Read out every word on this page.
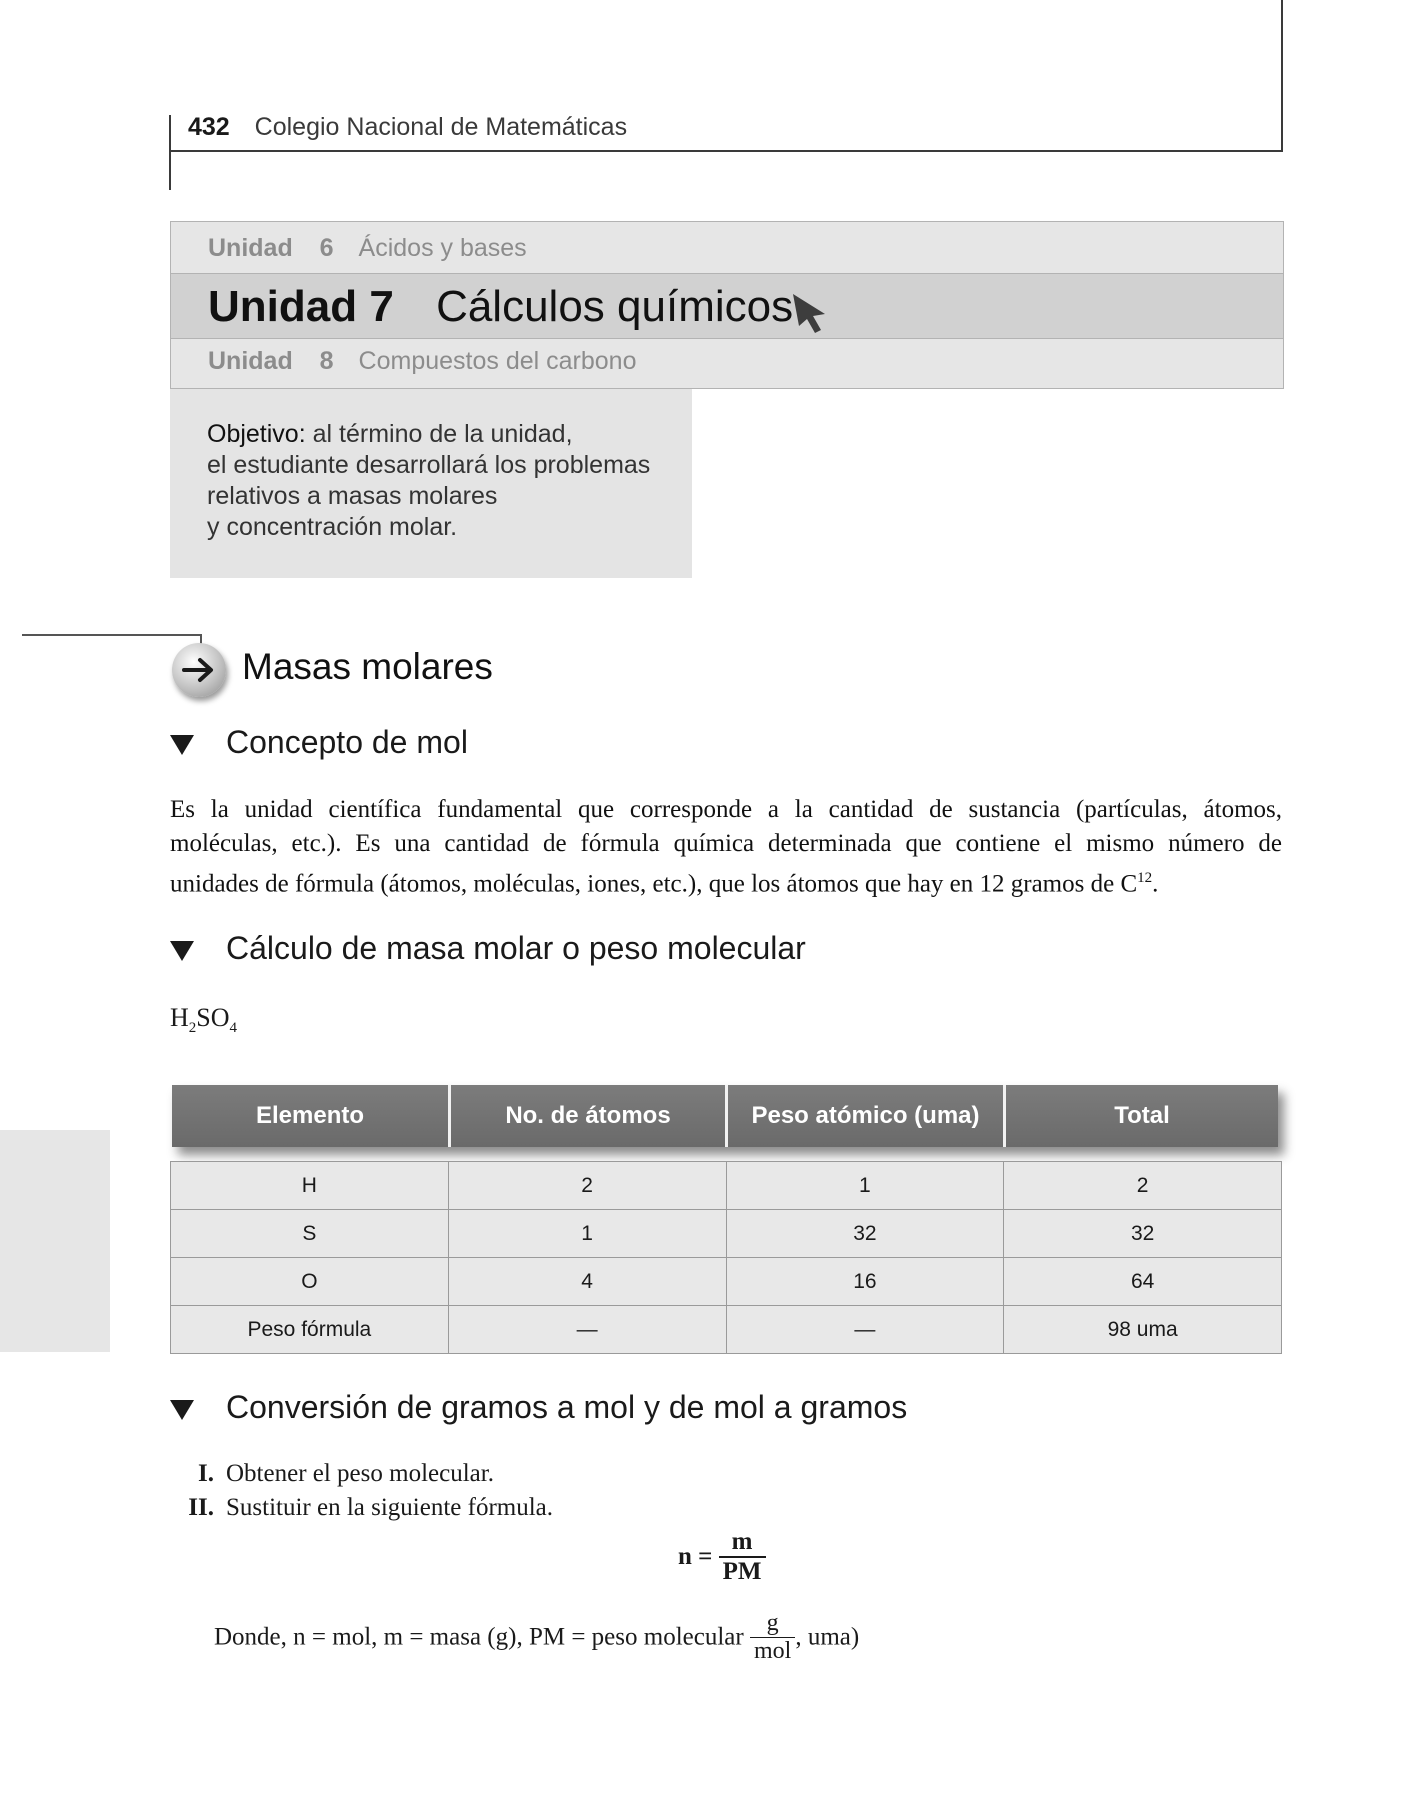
432 Colegio Nacional de Matemáticas
Unidad 6 Ácidos y bases
Unidad 7 Cálculos químicos
Unidad 8 Compuestos del carbono
Objetivo: al término de la unidad,
el estudiante desarrollará los problemas
relativos a masas molares
y concentración molar.
Masas molares
Concepto de mol
Es la unidad científica fundamental que corresponde a la cantidad de sustancia (partículas, átomos,
moléculas, etc.). Es una cantidad de fórmula química determinada que contiene el mismo número de
unidades de fórmula (átomos, moléculas, iones, etc.), que los átomos que hay en 12 gramos de $C^{12}$.
Cálculo de masa molar o peso molecular
$H_2SO_4$
Elemento	No. de átomos	Peso atómico (uma)	Total
H	2	1	2
S	1	32	32
O	4	16	64
Peso fórmula	—	—	98 uma
Conversión de gramos a mol y de mol a gramos
I. Obtener el peso molecular.
II. Sustituir en la siguiente fórmula.
$n = \frac{m}{PM}$
Donde, n = mol, m = masa (g), PM = peso molecular $\frac{g}{\text{mol}}$ , uma)
